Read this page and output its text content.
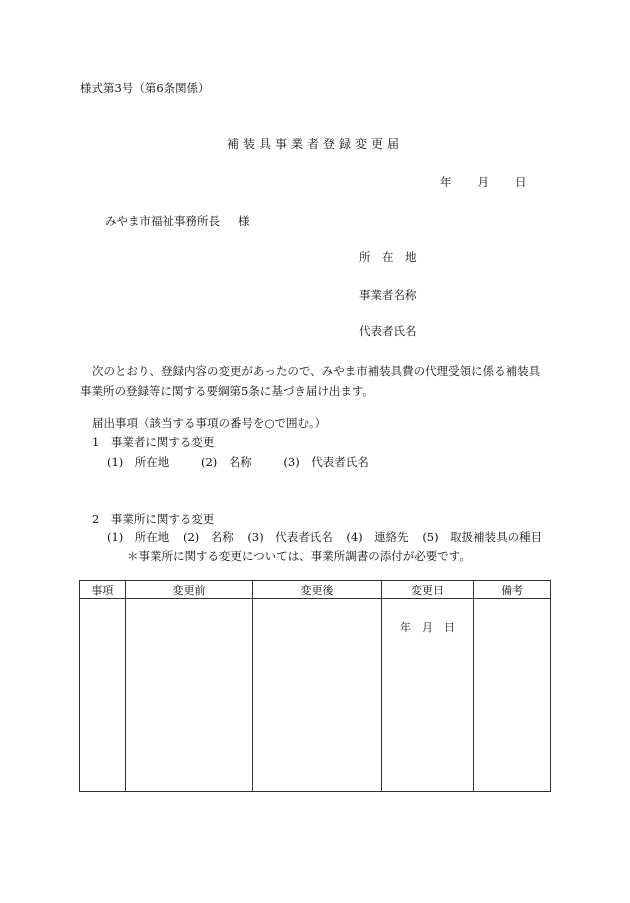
様式第3号（第6条関係）
補装具事業者登録変更届
年 月 日
みやま市福祉事務所長 様
所　在　地
事業者名称
代表者氏名
次のとおり、登録内容の変更があったので、みやま市補装具費の代理受領に係る補装具事業所の登録等に関する要綱第5条に基づき届け出ます。
届出事項（該当する事項の番号を○で囲む。）
1　事業者に関する変更
(1)　所在地	(2)　名称	(3)　代表者氏名
2　事業所に関する変更
(1)　所在地 (2)　名称 (3)　代表者氏名 (4)　連絡先 (5)　取扱補装具の種目
＊事業所に関する変更については、事業所調書の添付が必要です。
事項	変更前	変更後	変更日	備考

			年　月　日	
